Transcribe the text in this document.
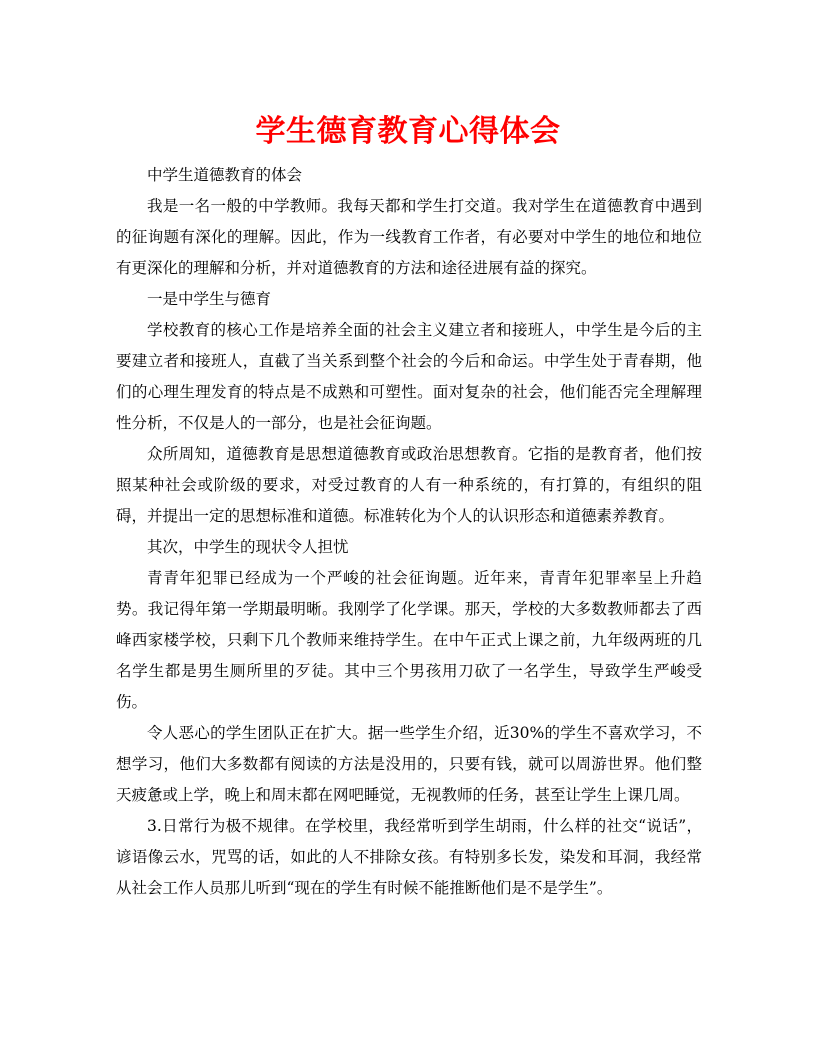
学生德育教育心得体会

中学生道德教育的体会

我是一名一般的中学教师。我每天都和学生打交道。我对学生在道德教育中遇到的征询题有深化的理解。因此，作为一线教育工作者，有必要对中学生的地位和地位有更深化的理解和分析，并对道德教育的方法和途径进展有益的探究。

一是中学生与德育

学校教育的核心工作是培养全面的社会主义建立者和接班人，中学生是今后的主要建立者和接班人，直截了当关系到整个社会的今后和命运。中学生处于青春期，他们的心理生理发育的特点是不成熟和可塑性。面对复杂的社会，他们能否完全理解理性分析，不仅是人的一部分，也是社会征询题。

众所周知，道德教育是思想道德教育或政治思想教育。它指的是教育者，他们按照某种社会或阶级的要求，对受过教育的人有一种系统的，有打算的，有组织的阻碍，并提出一定的思想标准和道德。标准转化为个人的认识形态和道德素养教育。

其次，中学生的现状令人担忧

青青年犯罪已经成为一个严峻的社会征询题。近年来，青青年犯罪率呈上升趋势。我记得年第一学期最明晰。我刚学了化学课。那天，学校的大多数教师都去了西峰西家楼学校，只剩下几个教师来维持学生。在中午正式上课之前，九年级两班的几名学生都是男生厕所里的歹徒。其中三个男孩用刀砍了一名学生，导致学生严峻受伤。

令人恶心的学生团队正在扩大。据一些学生介绍，近30%的学生不喜欢学习，不想学习，他们大多数都有阅读的方法是没用的，只要有钱，就可以周游世界。他们整天疲惫或上学，晚上和周末都在网吧睡觉，无视教师的任务，甚至让学生上课几周。

3.日常行为极不规律。在学校里，我经常听到学生胡雨，什么样的社交“说话”，谚语像云水，咒骂的话，如此的人不排除女孩。有特别多长发，染发和耳洞，我经常从社会工作人员那儿听到“现在的学生有时候不能推断他们是不是学生”。
